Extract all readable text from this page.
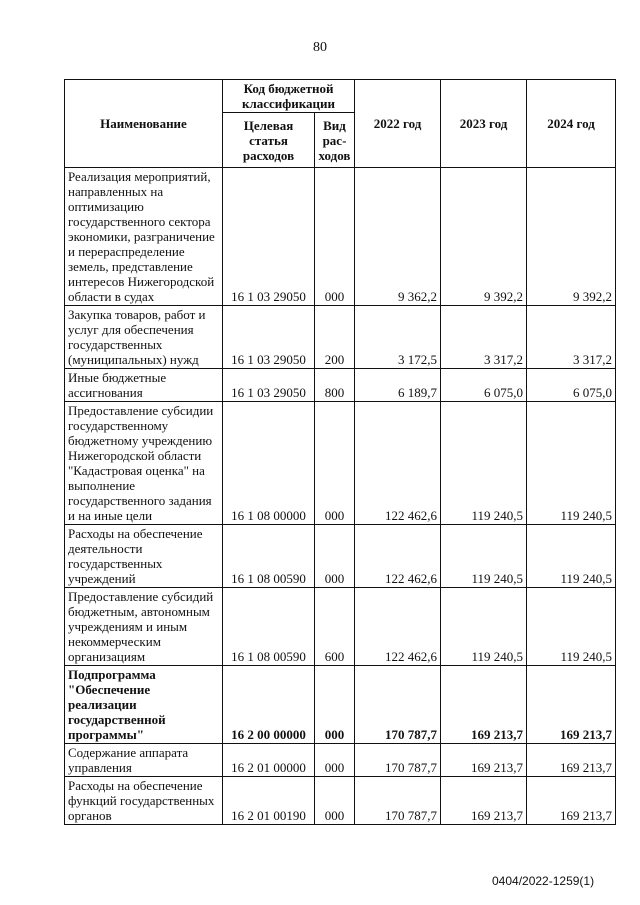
80
Наименование	Код бюджетной классификации		2022 год	2023 год	2024 год
	Целевая статья расходов	Вид рас-ходов			
Реализация мероприятий, направленных на оптимизацию государственного сектора экономики, разграничение и перераспределение земель, представление интересов Нижегородской области в судах	16 1 03 29050	000	9 362,2	9 392,2	9 392,2
Закупка товаров, работ и услуг для обеспечения государственных (муниципальных) нужд	16 1 03 29050	200	3 172,5	3 317,2	3 317,2
Иные бюджетные ассигнования	16 1 03 29050	800	6 189,7	6 075,0	6 075,0
Предоставление субсидии государственному бюджетному учреждению Нижегородской области "Кадастровая оценка" на выполнение государственного задания и на иные цели	16 1 08 00000	000	122 462,6	119 240,5	119 240,5
Расходы на обеспечение деятельности государственных учреждений	16 1 08 00590	000	122 462,6	119 240,5	119 240,5
Предоставление субсидий бюджетным, автономным учреждениям и иным некоммерческим организациям	16 1 08 00590	600	122 462,6	119 240,5	119 240,5
Подпрограмма "Обеспечение реализации государственной программы"	16 2 00 00000	000	170 787,7	169 213,7	169 213,7
Содержание аппарата управления	16 2 01 00000	000	170 787,7	169 213,7	169 213,7
Расходы на обеспечение функций государственных органов	16 2 01 00190	000	170 787,7	169 213,7	169 213,7
0404/2022-1259(1)
